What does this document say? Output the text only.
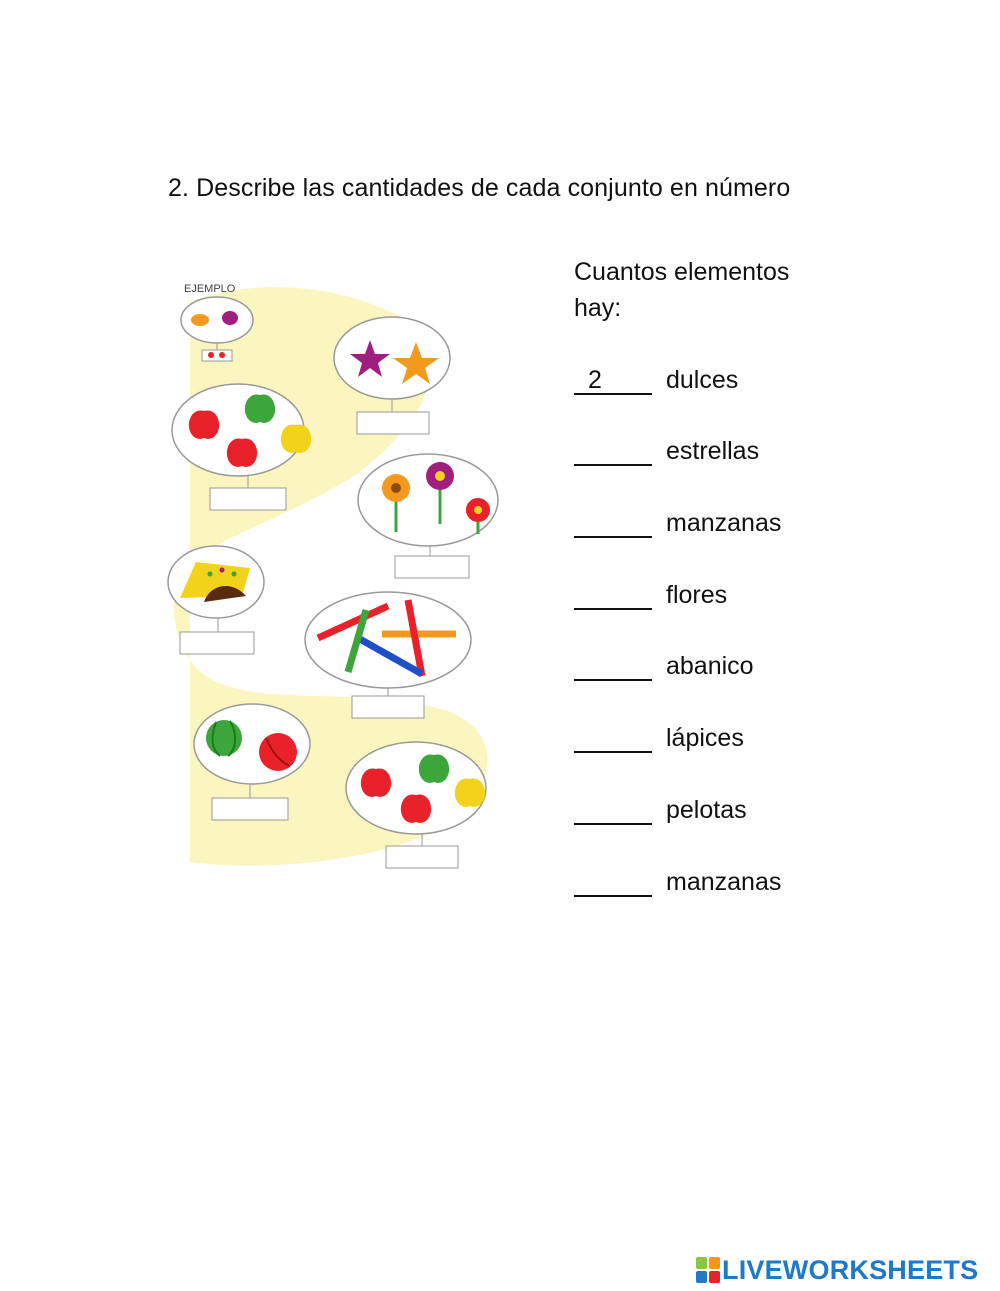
2. Describe las cantidades de cada conjunto en número
EJEMPLO
Cuantos elementos hay:
2	dulces
estrellas
manzanas
flores
abanico
lápices
pelotas
manzanas
LIVEWORKSHEETS
